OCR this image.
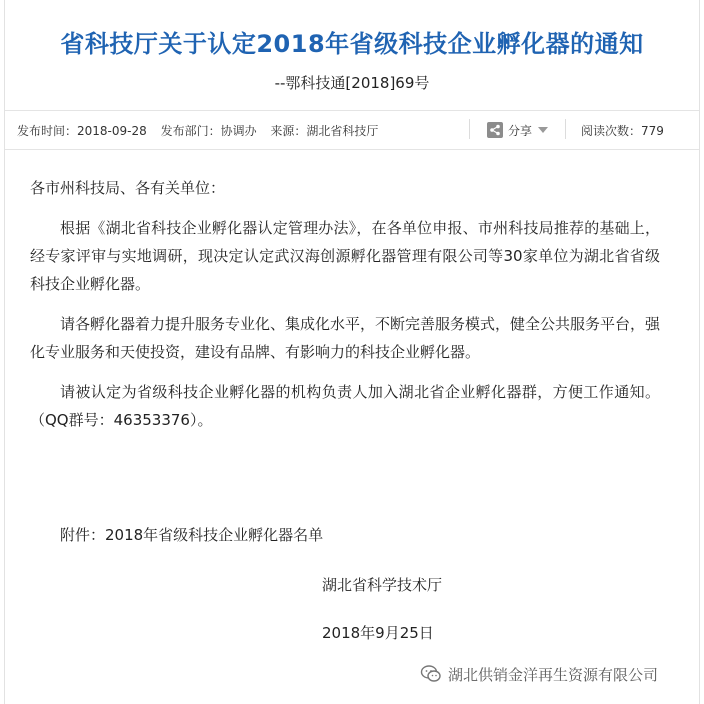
省科技厅关于认定2018年省级科技企业孵化器的通知
--鄂科技通[2018]69号
发布时间：2018-09-28 发布部门：协调办 来源：湖北省科技厅	分享	阅读次数：779

各市州科技局、各有关单位：

根据《湖北省科技企业孵化器认定管理办法》，在各单位申报、市州科技局推荐的基础上，经专家评审与实地调研，现决定认定武汉海创源孵化器管理有限公司等30家单位为湖北省省级科技企业孵化器。

请各孵化器着力提升服务专业化、集成化水平，不断完善服务模式，健全公共服务平台，强化专业服务和天使投资，建设有品牌、有影响力的科技企业孵化器。

请被认定为省级科技企业孵化器的机构负责人加入湖北省企业孵化器群，方便工作通知。（QQ群号：46353376）。

附件：2018年省级科技企业孵化器名单
湖北省科学技术厅
2018年9月25日
湖北供销金洋再生资源有限公司
